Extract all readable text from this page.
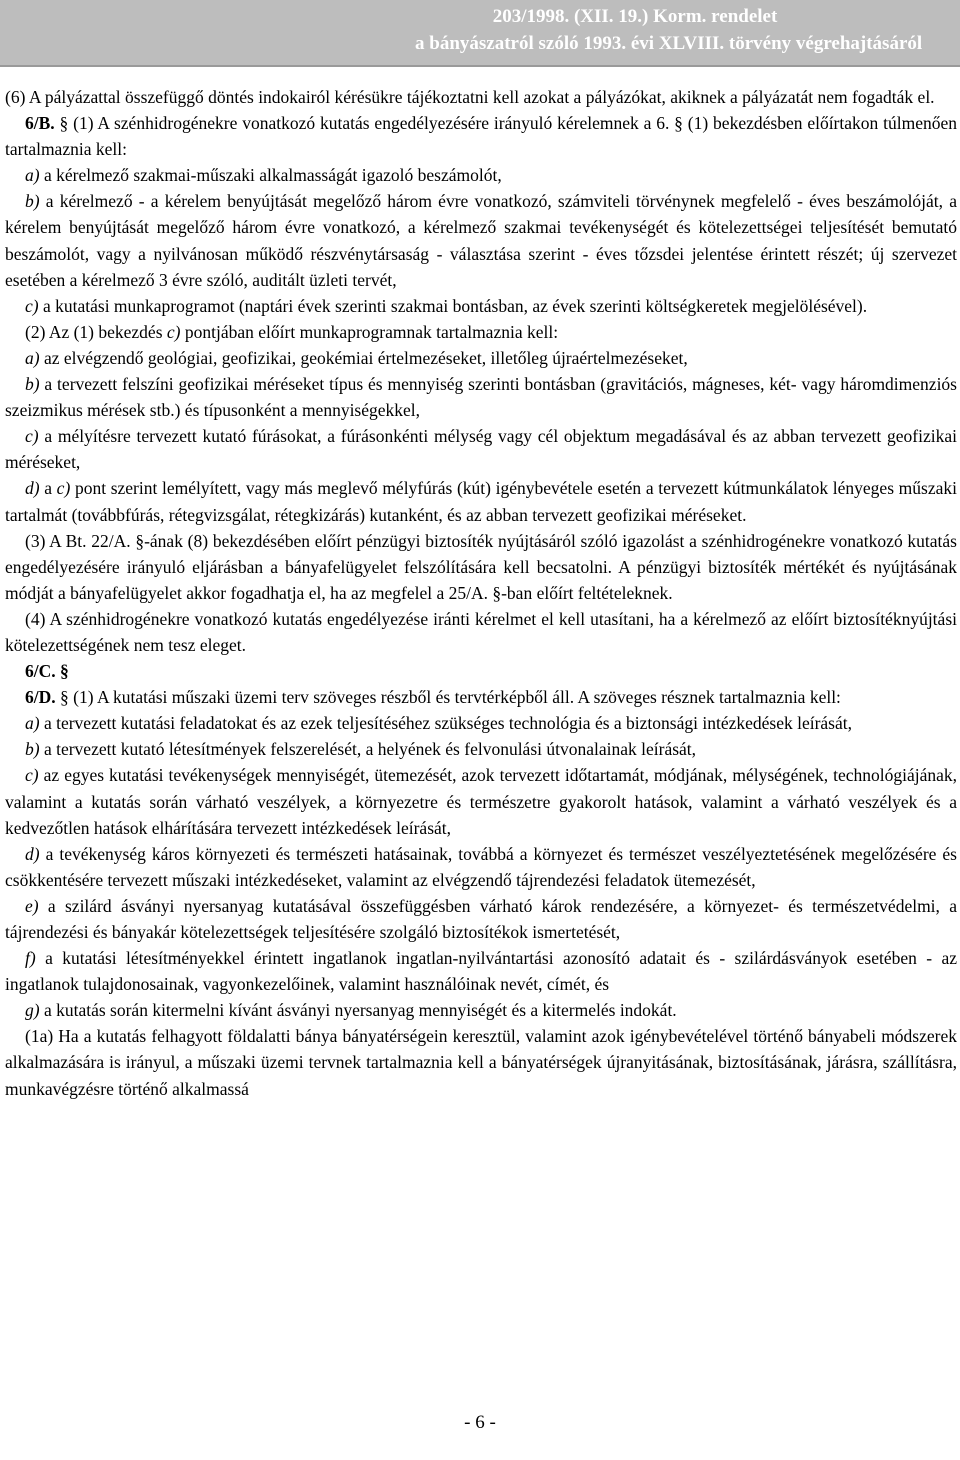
203/1998. (XII. 19.) Korm. rendelet
a bányászatról szóló 1993. évi XLVIII. törvény végrehajtásáról

(6) A pályázattal összefüggő döntés indokairól kérésükre tájékoztatni kell azokat a pályázókat, akiknek a pályázatát nem fogadták el.

6/B. § (1) A szénhidrogénekre vonatkozó kutatás engedélyezésére irányuló kérelemnek a 6. § (1) bekezdésben előírtakon túlmenően tartalmaznia kell:

a) a kérelmező szakmai-műszaki alkalmasságát igazoló beszámolót,

b) a kérelmező - a kérelem benyújtását megelőző három évre vonatkozó, számviteli törvénynek megfelelő - éves beszámolóját, a kérelem benyújtását megelőző három évre vonatkozó, a kérelmező szakmai tevékenységét és kötelezettségei teljesítését bemutató beszámolót, vagy a nyilvánosan működő részvénytársaság - választása szerint - éves tőzsdei jelentése érintett részét; új szervezet esetében a kérelmező 3 évre szóló, auditált üzleti tervét,

c) a kutatási munkaprogramot (naptári évek szerinti szakmai bontásban, az évek szerinti költségkeretek megjelölésével).

(2) Az (1) bekezdés c) pontjában előírt munkaprogramnak tartalmaznia kell:

a) az elvégzendő geológiai, geofizikai, geokémiai értelmezéseket, illetőleg újraértelmezéseket,

b) a tervezett felszíni geofizikai méréseket típus és mennyiség szerinti bontásban (gravitációs, mágneses, két- vagy háromdimenziós szeizmikus mérések stb.) és típusonként a mennyiségekkel,

c) a mélyítésre tervezett kutató fúrásokat, a fúrásonkénti mélység vagy cél objektum megadásával és az abban tervezett geofizikai méréseket,

d) a c) pont szerint lemélyített, vagy más meglevő mélyfúrás (kút) igénybevétele esetén a tervezett kútmunkálatok lényeges műszaki tartalmát (továbbfúrás, rétegvizsgálat, rétegkizárás) kutanként, és az abban tervezett geofizikai méréseket.

(3) A Bt. 22/A. §-ának (8) bekezdésében előírt pénzügyi biztosíték nyújtásáról szóló igazolást a szénhidrogénekre vonatkozó kutatás engedélyezésére irányuló eljárásban a bányafelügyelet felszólítására kell becsatolni. A pénzügyi biztosíték mértékét és nyújtásának módját a bányafelügyelet akkor fogadhatja el, ha az megfelel a 25/A. §-ban előírt feltételeknek.

(4) A szénhidrogénekre vonatkozó kutatás engedélyezése iránti kérelmet el kell utasítani, ha a kérelmező az előírt biztosítéknyújtási kötelezettségének nem tesz eleget.

6/C. §

6/D. § (1) A kutatási műszaki üzemi terv szöveges részből és tervtérképből áll. A szöveges résznek tartalmaznia kell:

a) a tervezett kutatási feladatokat és az ezek teljesítéséhez szükséges technológia és a biztonsági intézkedések leírását,

b) a tervezett kutató létesítmények felszerelését, a helyének és felvonulási útvonalainak leírását,

c) az egyes kutatási tevékenységek mennyiségét, ütemezését, azok tervezett időtartamát, módjának, mélységének, technológiájának, valamint a kutatás során várható veszélyek, a környezetre és természetre gyakorolt hatások, valamint a várható veszélyek és a kedvezőtlen hatások elhárítására tervezett intézkedések leírását,

d) a tevékenység káros környezeti és természeti hatásainak, továbbá a környezet és természet veszélyeztetésének megelőzésére és csökkentésére tervezett műszaki intézkedéseket, valamint az elvégzendő tájrendezési feladatok ütemezését,

e) a szilárd ásványi nyersanyag kutatásával összefüggésben várható károk rendezésére, a környezet- és természetvédelmi, a tájrendezési és bányakár kötelezettségek teljesítésére szolgáló biztosítékok ismertetését,

f) a kutatási létesítményekkel érintett ingatlanok ingatlan-nyilvántartási azonosító adatait és - szilárdásványok esetében - az ingatlanok tulajdonosainak, vagyonkezelőinek, valamint használóinak nevét, címét, és

g) a kutatás során kitermelni kívánt ásványi nyersanyag mennyiségét és a kitermelés indokát.

(1a) Ha a kutatás felhagyott földalatti bánya bányatérségein keresztül, valamint azok igénybevételével történő bányabeli módszerek alkalmazására is irányul, a műszaki üzemi tervnek tartalmaznia kell a bányatérségek újranyitásának, biztosításának, járásra, szállításra, munkavégzésre történő alkalmassá

- 6 -
